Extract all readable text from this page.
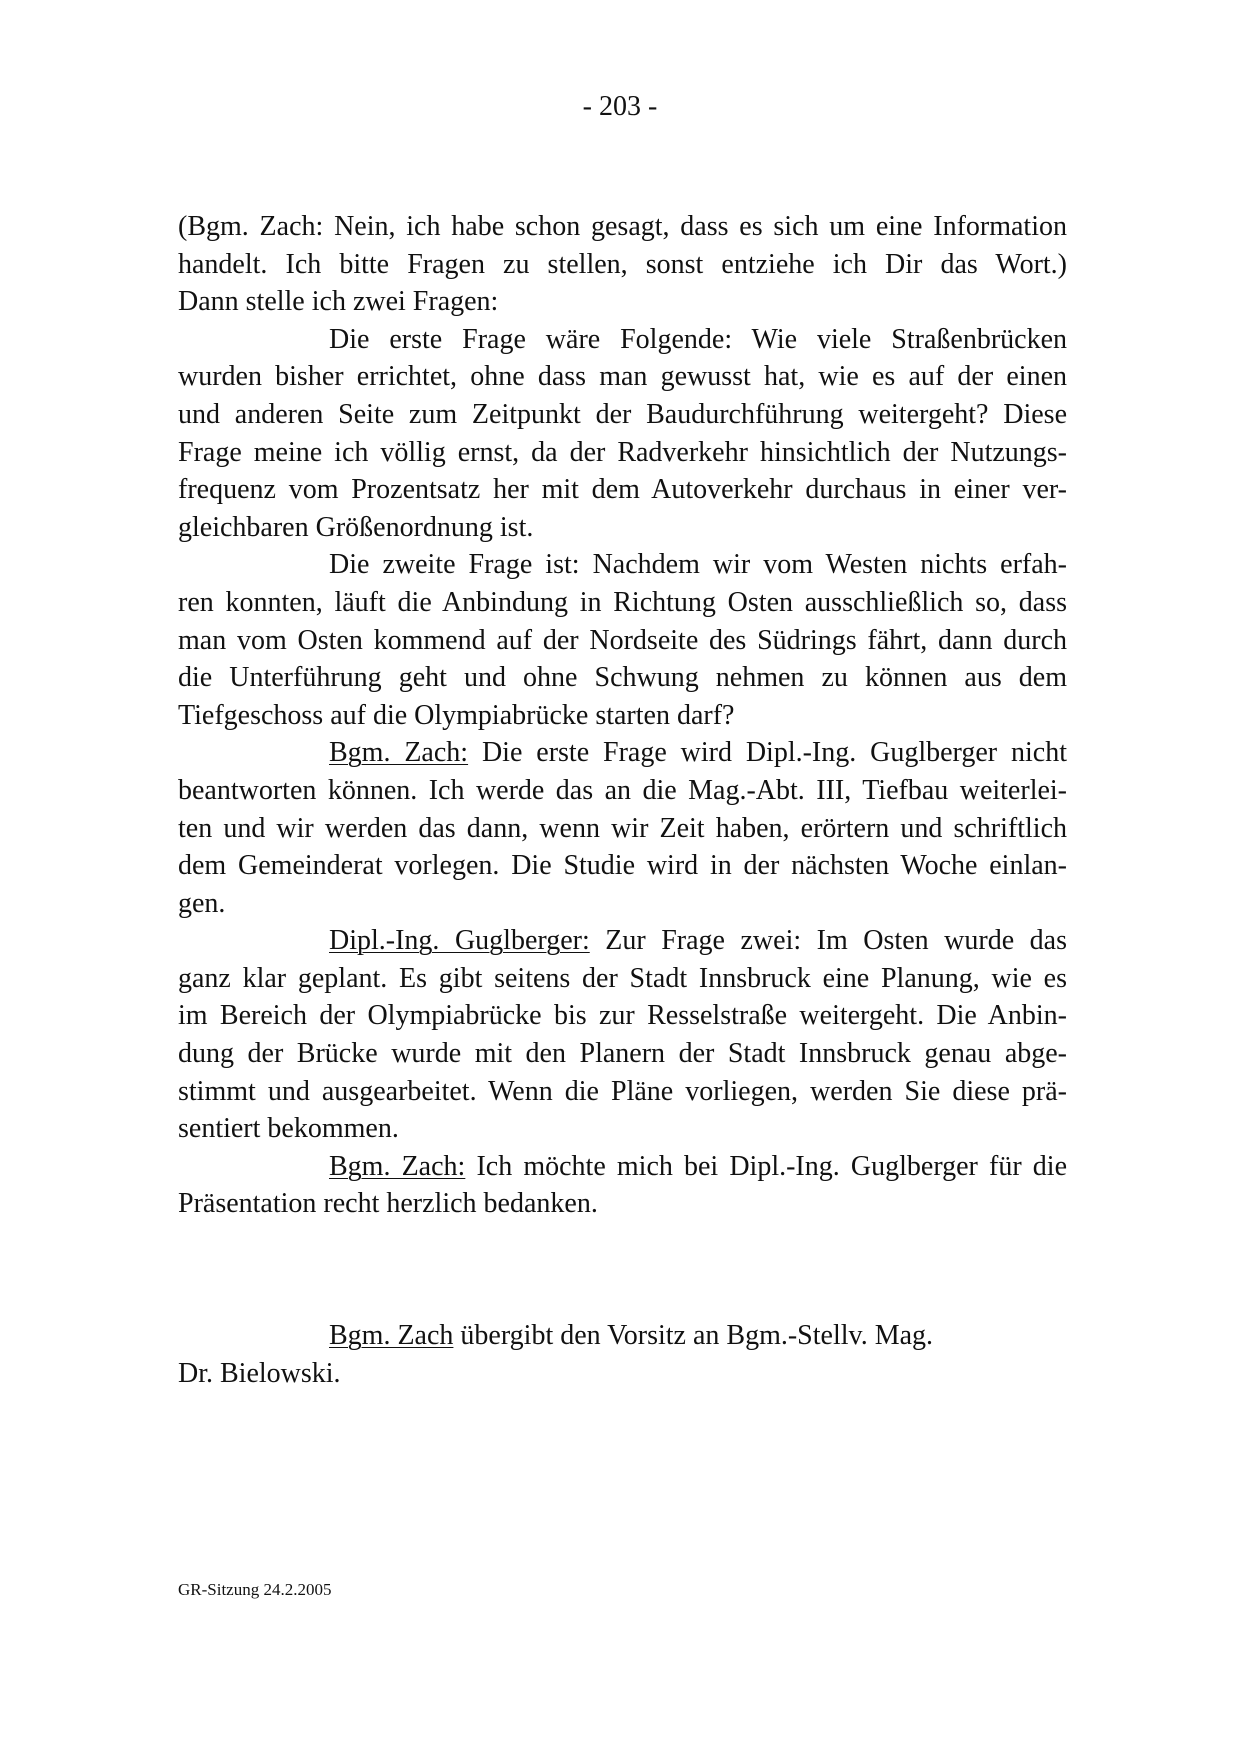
- 203 -
(Bgm. Zach: Nein, ich habe schon gesagt, dass es sich um eine Information
handelt. Ich bitte Fragen zu stellen, sonst entziehe ich Dir das Wort.)
Dann stelle ich zwei Fragen:
Die erste Frage wäre Folgende: Wie viele Straßenbrücken
wurden bisher errichtet, ohne dass man gewusst hat, wie es auf der einen
und anderen Seite zum Zeitpunkt der Baudurchführung weitergeht? Diese
Frage meine ich völlig ernst, da der Radverkehr hinsichtlich der Nutzungs-
frequenz vom Prozentsatz her mit dem Autoverkehr durchaus in einer ver-
gleichbaren Größenordnung ist.
Die zweite Frage ist: Nachdem wir vom Westen nichts erfah-
ren konnten, läuft die Anbindung in Richtung Osten ausschließlich so, dass
man vom Osten kommend auf der Nordseite des Südrings fährt, dann durch
die Unterführung geht und ohne Schwung nehmen zu können aus dem
Tiefgeschoss auf die Olympiabrücke starten darf?
Bgm. Zach: Die erste Frage wird Dipl.-Ing. Guglberger nicht
beantworten können. Ich werde das an die Mag.-Abt. III, Tiefbau weiterlei-
ten und wir werden das dann, wenn wir Zeit haben, erörtern und schriftlich
dem Gemeinderat vorlegen. Die Studie wird in der nächsten Woche einlan-
gen.
Dipl.-Ing. Guglberger: Zur Frage zwei: Im Osten wurde das
ganz klar geplant. Es gibt seitens der Stadt Innsbruck eine Planung, wie es
im Bereich der Olympiabrücke bis zur Resselstraße weitergeht. Die Anbin-
dung der Brücke wurde mit den Planern der Stadt Innsbruck genau abge-
stimmt und ausgearbeitet. Wenn die Pläne vorliegen, werden Sie diese prä-
sentiert bekommen.
Bgm. Zach: Ich möchte mich bei Dipl.-Ing. Guglberger für die
Präsentation recht herzlich bedanken.
Bgm. Zach übergibt den Vorsitz an Bgm.-Stellv. Mag.
Dr. Bielowski.
GR-Sitzung 24.2.2005
